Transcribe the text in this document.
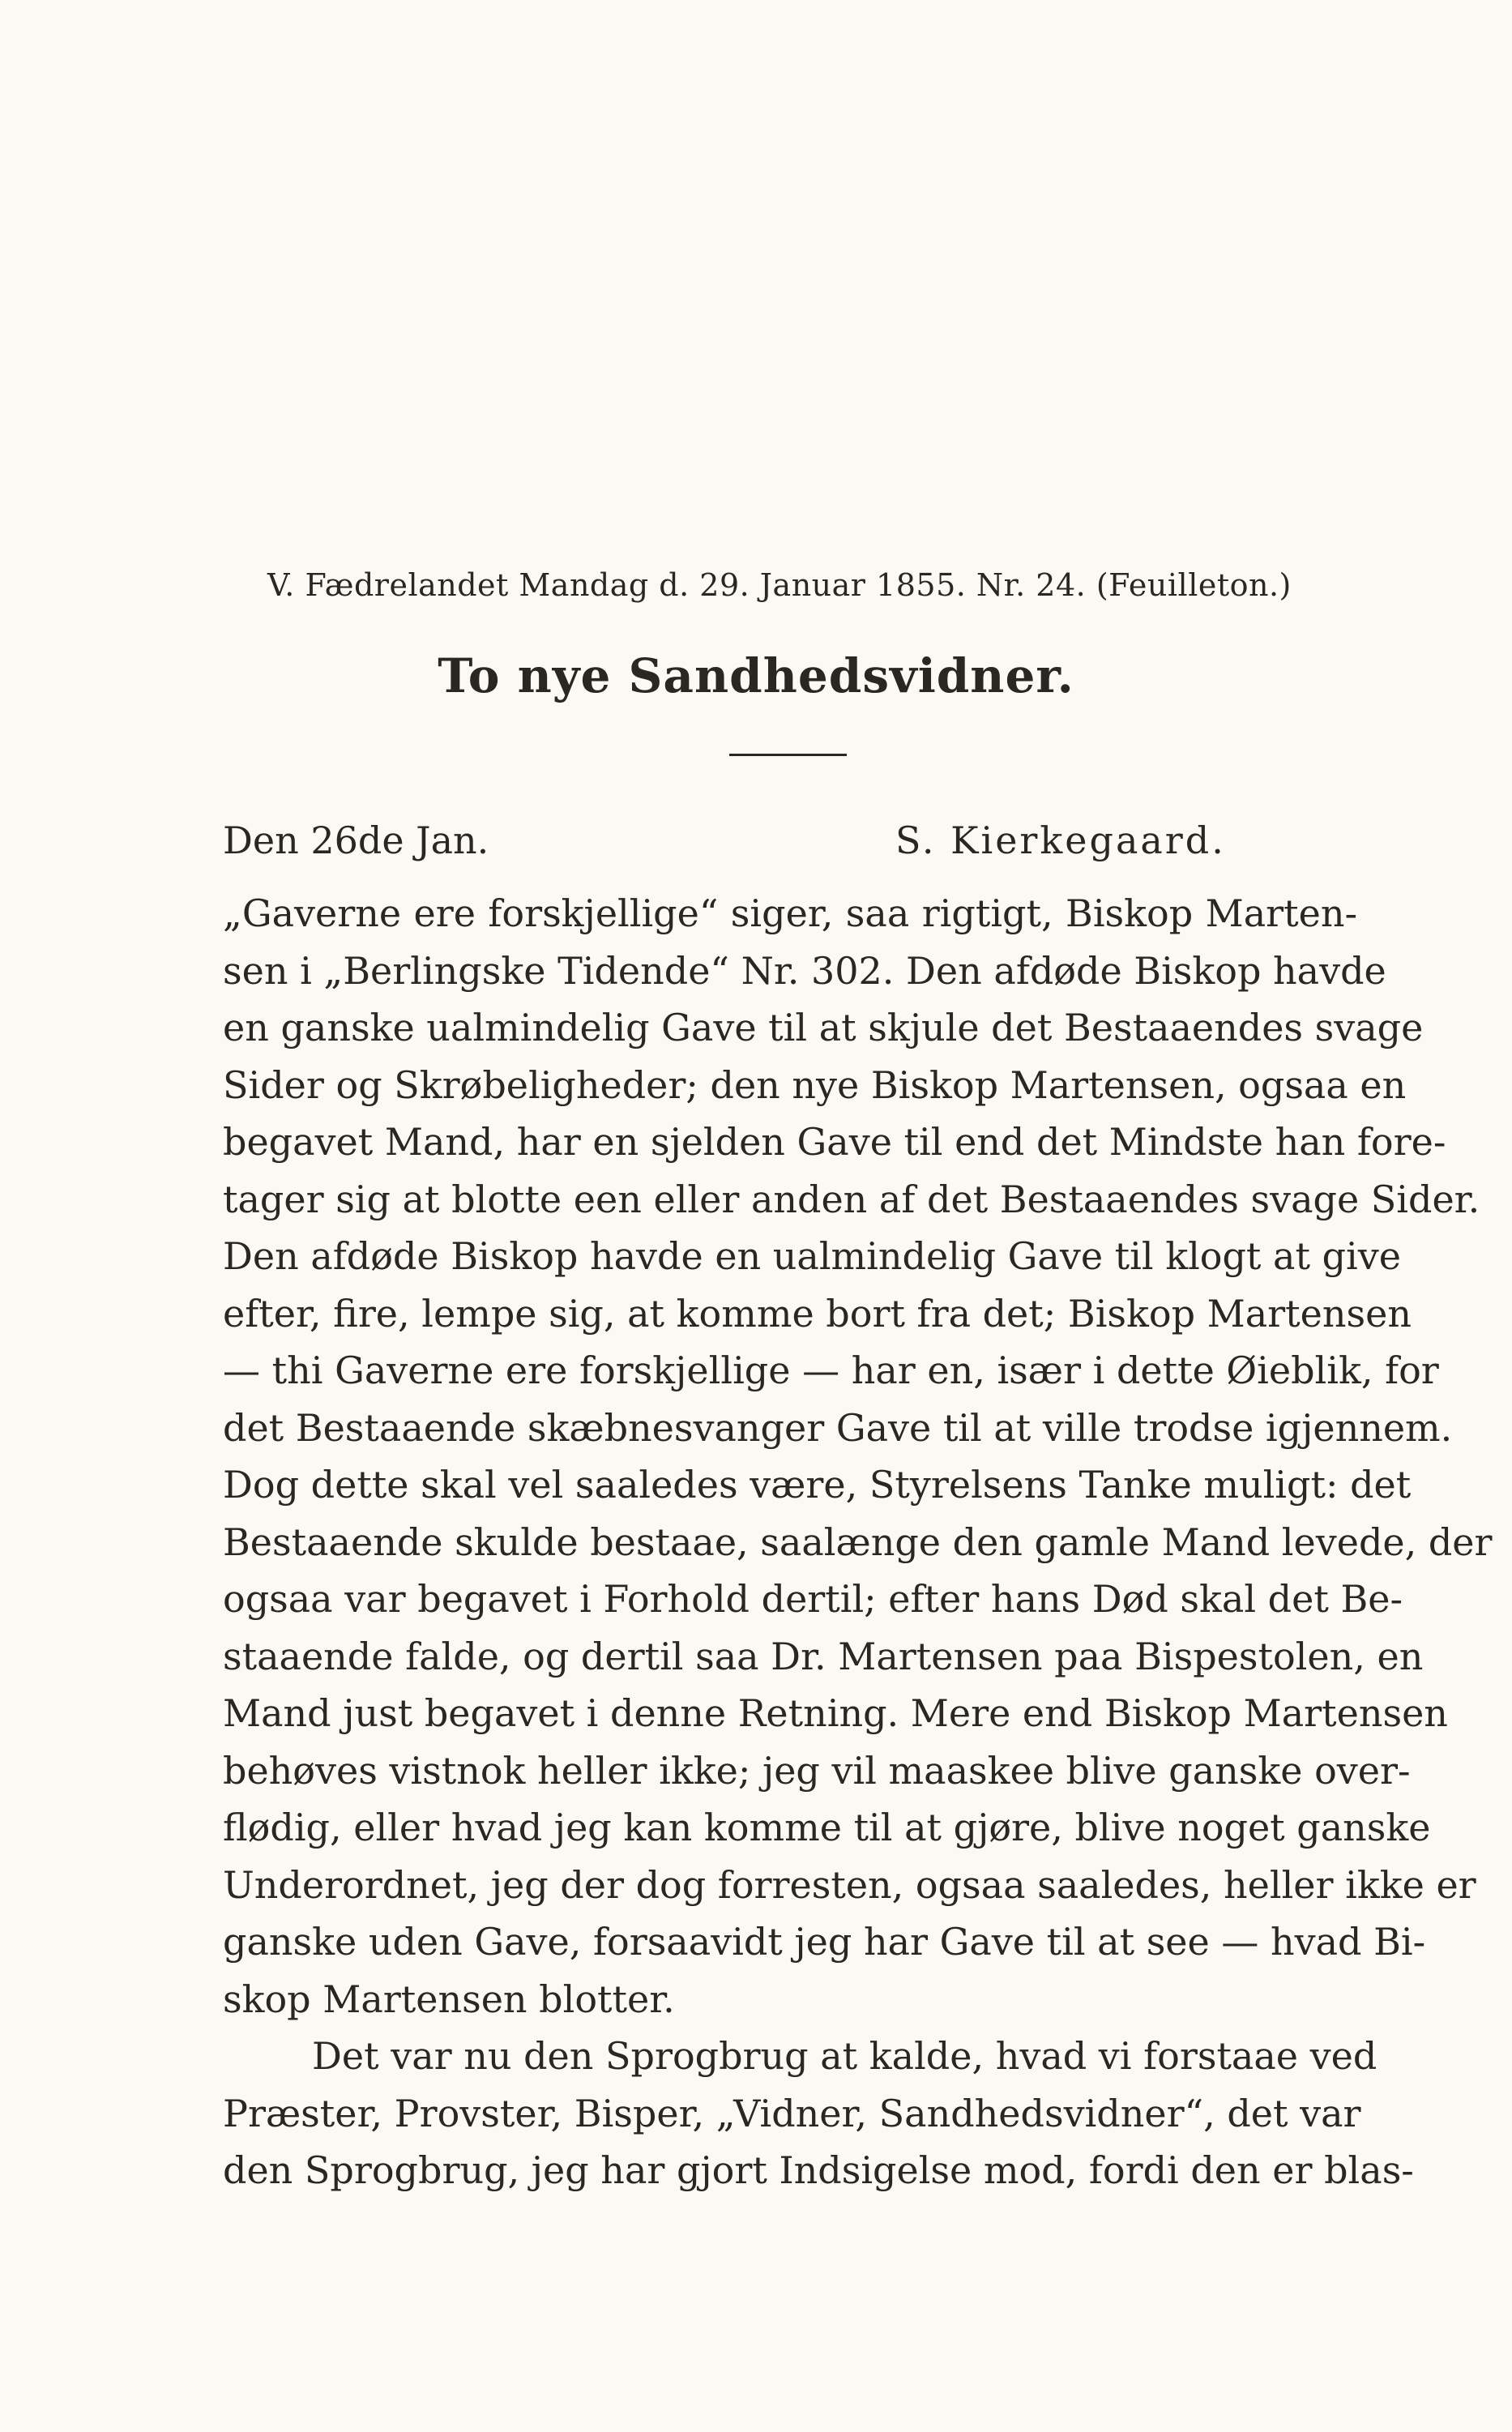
V. Fædrelandet Mandag d. 29. Januar 1855. Nr. 24. (Feuilleton.)
To nye Sandhedsvidner.
Den 26de Jan.	S. Kierkegaard.
„Gaverne ere forskjellige“ siger, saa rigtigt, Biskop Marten-
sen i „Berlingske Tidende“ Nr. 302. Den afdøde Biskop havde
en ganske ualmindelig Gave til at skjule det Bestaaendes svage
Sider og Skrøbeligheder; den nye Biskop Martensen, ogsaa en
begavet Mand, har en sjelden Gave til end det Mindste han fore-
tager sig at blotte een eller anden af det Bestaaendes svage Sider.
Den afdøde Biskop havde en ualmindelig Gave til klogt at give
efter, fire, lempe sig, at komme bort fra det; Biskop Martensen
— thi Gaverne ere forskjellige — har en, især i dette Øieblik, for
det Bestaaende skæbnesvanger Gave til at ville trodse igjennem.
Dog dette skal vel saaledes være, Styrelsens Tanke muligt: det
Bestaaende skulde bestaae, saalænge den gamle Mand levede, der
ogsaa var begavet i Forhold dertil; efter hans Død skal det Be-
staaende falde, og dertil saa Dr. Martensen paa Bispestolen, en
Mand just begavet i denne Retning. Mere end Biskop Martensen
behøves vistnok heller ikke; jeg vil maaskee blive ganske over-
flødig, eller hvad jeg kan komme til at gjøre, blive noget ganske
Underordnet, jeg der dog forresten, ogsaa saaledes, heller ikke er
ganske uden Gave, forsaavidt jeg har Gave til at see — hvad Bi-
skop Martensen blotter.
Det var nu den Sprogbrug at kalde, hvad vi forstaae ved
Præster, Provster, Bisper, „Vidner, Sandhedsvidner“, det var
den Sprogbrug, jeg har gjort Indsigelse mod, fordi den er blas-
